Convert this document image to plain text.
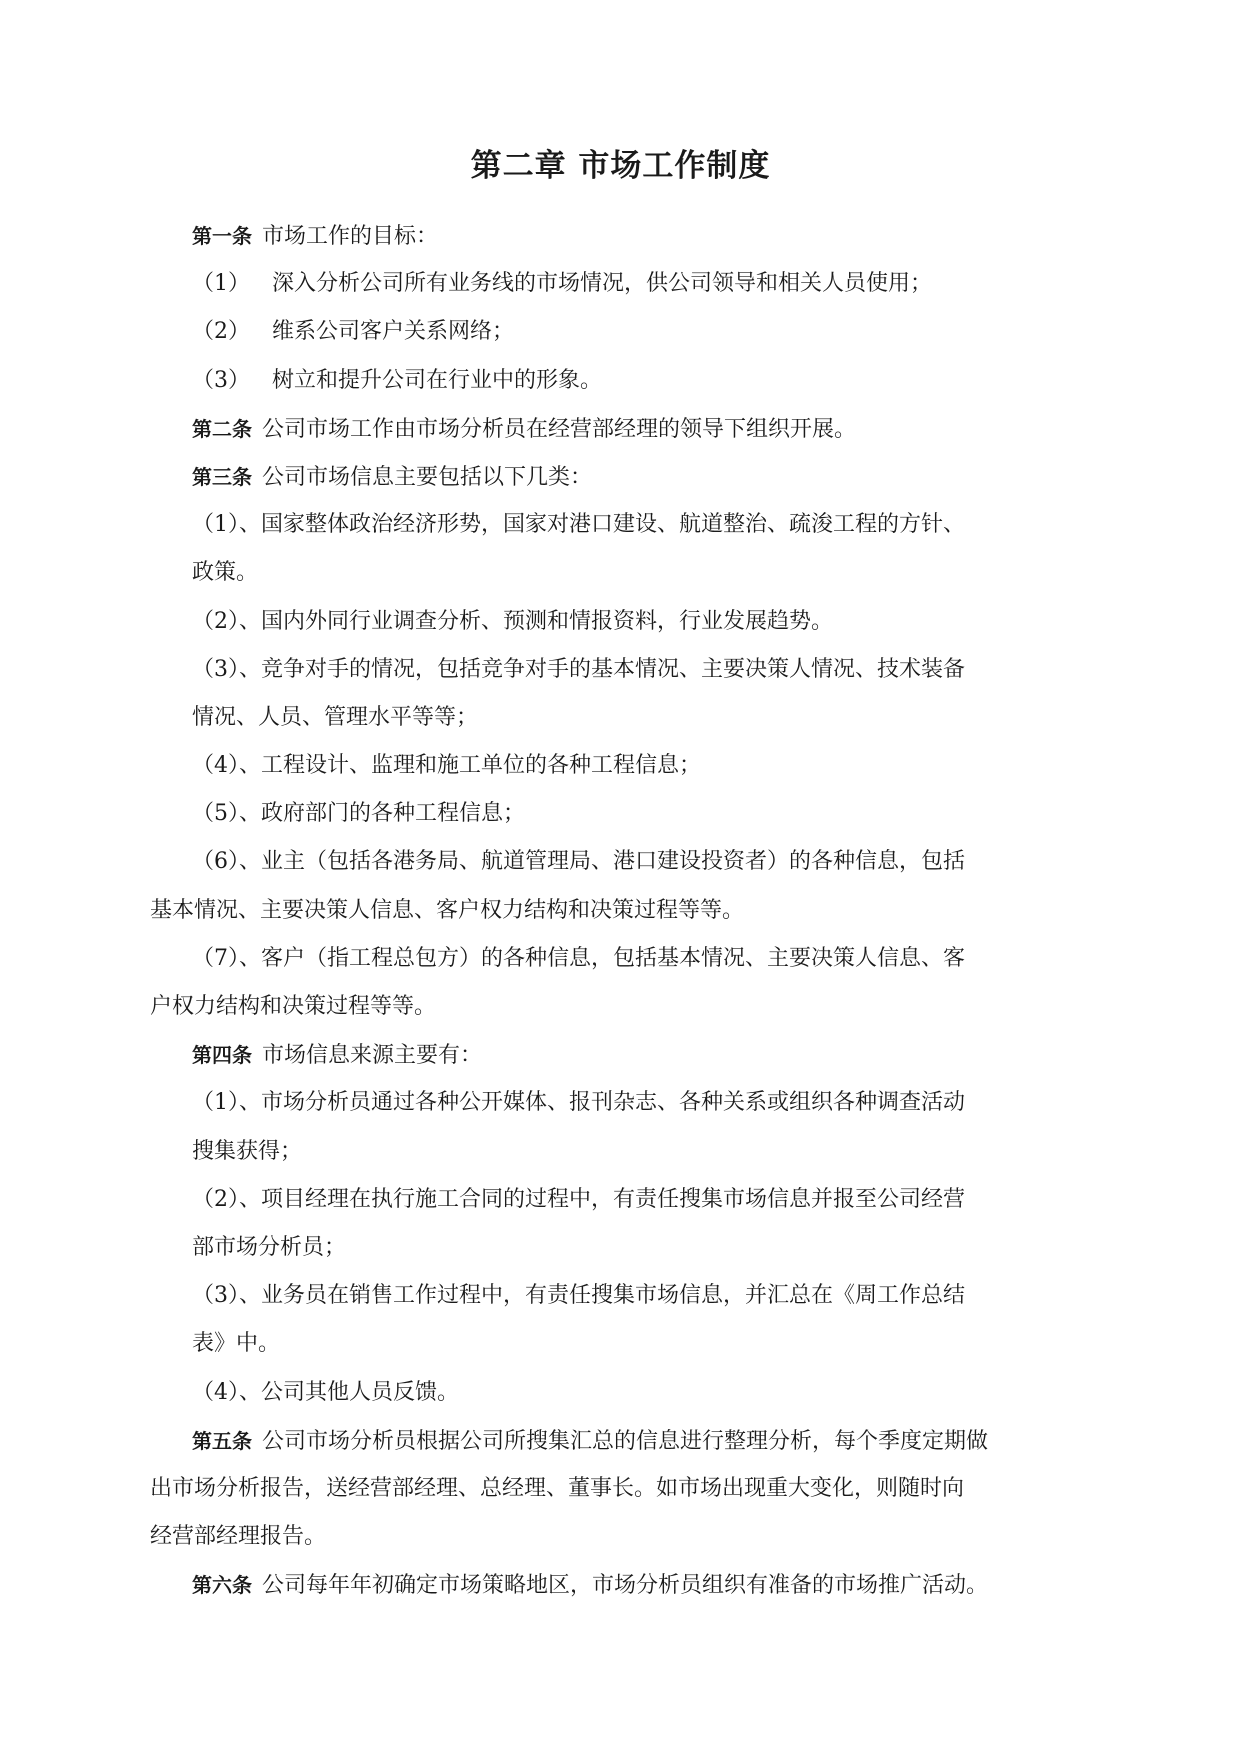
第二章 市场工作制度
第一条 市场工作的目标：
（1） 深入分析公司所有业务线的市场情况，供公司领导和相关人员使用；
（2） 维系公司客户关系网络；
（3） 树立和提升公司在行业中的形象。
第二条 公司市场工作由市场分析员在经营部经理的领导下组织开展。
第三条 公司市场信息主要包括以下几类：
（1）、国家整体政治经济形势，国家对港口建设、航道整治、疏浚工程的方针、
政策。
（2）、国内外同行业调查分析、预测和情报资料，行业发展趋势。
（3）、竞争对手的情况，包括竞争对手的基本情况、主要决策人情况、技术装备
情况、人员、管理水平等等；
（4）、工程设计、监理和施工单位的各种工程信息；
（5）、政府部门的各种工程信息；
（6）、业主（包括各港务局、航道管理局、港口建设投资者）的各种信息，包括
基本情况、主要决策人信息、客户权力结构和决策过程等等。
（7）、客户（指工程总包方）的各种信息，包括基本情况、主要决策人信息、客
户权力结构和决策过程等等。
第四条 市场信息来源主要有：
（1）、市场分析员通过各种公开媒体、报刊杂志、各种关系或组织各种调查活动
搜集获得；
（2）、项目经理在执行施工合同的过程中，有责任搜集市场信息并报至公司经营
部市场分析员；
（3）、业务员在销售工作过程中，有责任搜集市场信息，并汇总在《周工作总结
表》中。
（4）、公司其他人员反馈。
第五条 公司市场分析员根据公司所搜集汇总的信息进行整理分析，每个季度定期做
出市场分析报告，送经营部经理、总经理、董事长。如市场出现重大变化，则随时向
经营部经理报告。
第六条 公司每年年初确定市场策略地区，市场分析员组织有准备的市场推广活动。
